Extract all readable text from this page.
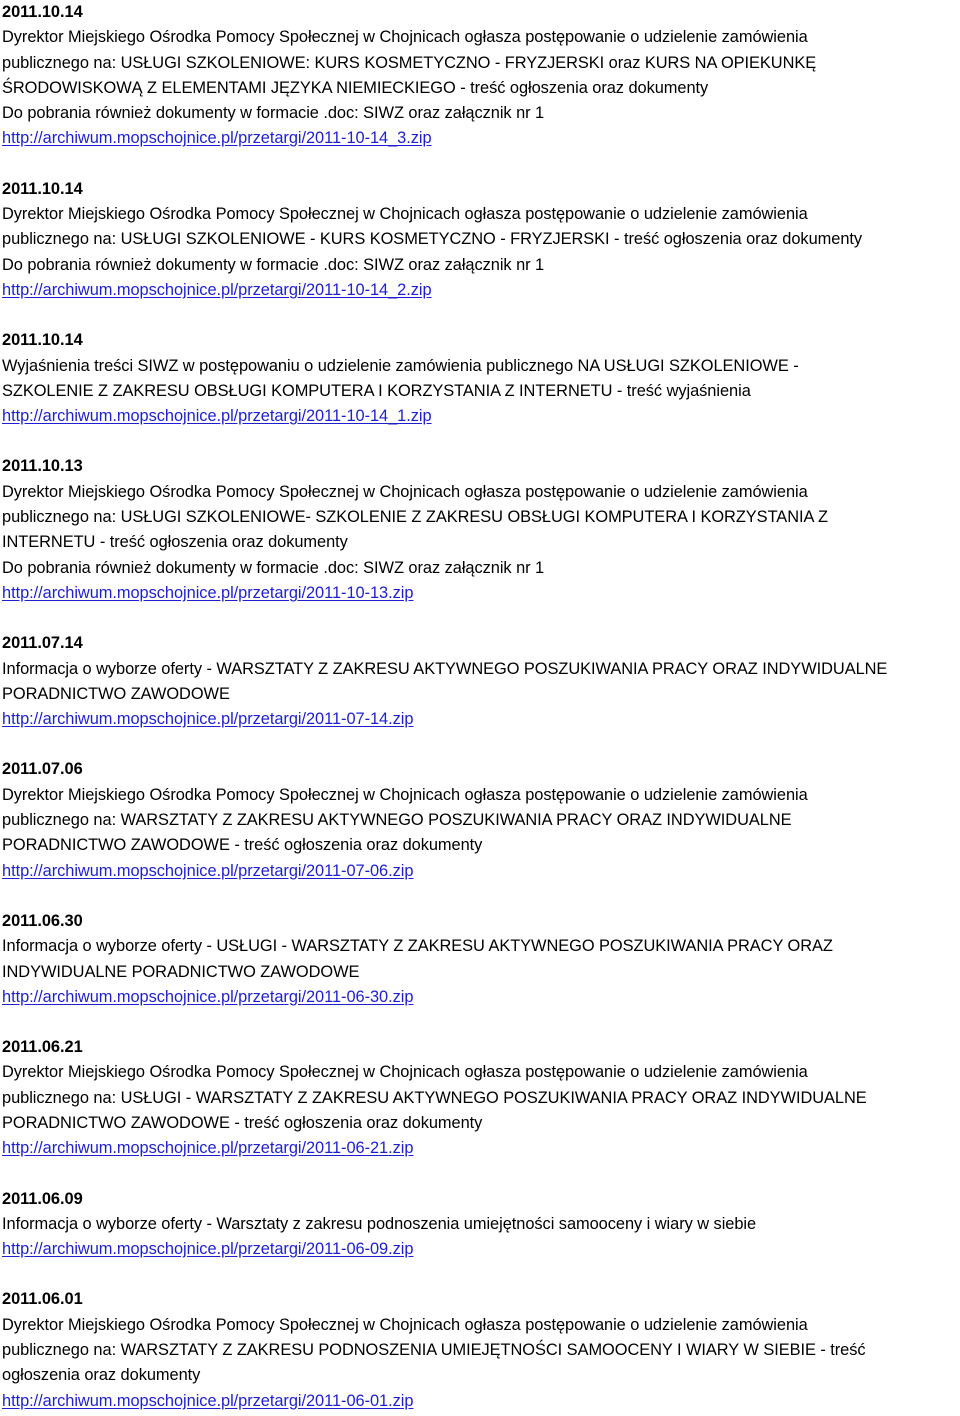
2011.10.14
Dyrektor Miejskiego Ośrodka Pomocy Społecznej w Chojnicach ogłasza postępowanie o udzielenie zamówienia
publicznego na: USŁUGI SZKOLENIOWE: KURS KOSMETYCZNO - FRYZJERSKI oraz KURS NA OPIEKUNKĘ
ŚRODOWISKOWĄ Z ELEMENTAMI JĘZYKA NIEMIECKIEGO - treść ogłoszenia oraz dokumenty
Do pobrania również dokumenty w formacie .doc: SIWZ oraz załącznik nr 1
http://archiwum.mopschojnice.pl/przetargi/2011-10-14_3.zip
2011.10.14
Dyrektor Miejskiego Ośrodka Pomocy Społecznej w Chojnicach ogłasza postępowanie o udzielenie zamówienia
publicznego na: USŁUGI SZKOLENIOWE - KURS KOSMETYCZNO - FRYZJERSKI - treść ogłoszenia oraz dokumenty
Do pobrania również dokumenty w formacie .doc: SIWZ oraz załącznik nr 1
http://archiwum.mopschojnice.pl/przetargi/2011-10-14_2.zip
2011.10.14
Wyjaśnienia treści SIWZ w postępowaniu o udzielenie zamówienia publicznego NA USŁUGI SZKOLENIOWE -
SZKOLENIE Z ZAKRESU OBSŁUGI KOMPUTERA I KORZYSTANIA Z INTERNETU - treść wyjaśnienia
http://archiwum.mopschojnice.pl/przetargi/2011-10-14_1.zip
2011.10.13
Dyrektor Miejskiego Ośrodka Pomocy Społecznej w Chojnicach ogłasza postępowanie o udzielenie zamówienia
publicznego na: USŁUGI SZKOLENIOWE- SZKOLENIE Z ZAKRESU OBSŁUGI KOMPUTERA I KORZYSTANIA Z
INTERNETU - treść ogłoszenia oraz dokumenty
Do pobrania również dokumenty w formacie .doc: SIWZ oraz załącznik nr 1
http://archiwum.mopschojnice.pl/przetargi/2011-10-13.zip
2011.07.14
Informacja o wyborze oferty - WARSZTATY Z ZAKRESU AKTYWNEGO POSZUKIWANIA PRACY ORAZ INDYWIDUALNE
PORADNICTWO ZAWODOWE
http://archiwum.mopschojnice.pl/przetargi/2011-07-14.zip
2011.07.06
Dyrektor Miejskiego Ośrodka Pomocy Społecznej w Chojnicach ogłasza postępowanie o udzielenie zamówienia
publicznego na: WARSZTATY Z ZAKRESU AKTYWNEGO POSZUKIWANIA PRACY ORAZ INDYWIDUALNE
PORADNICTWO ZAWODOWE - treść ogłoszenia oraz dokumenty
http://archiwum.mopschojnice.pl/przetargi/2011-07-06.zip
2011.06.30
Informacja o wyborze oferty - USŁUGI - WARSZTATY Z ZAKRESU AKTYWNEGO POSZUKIWANIA PRACY ORAZ
INDYWIDUALNE PORADNICTWO ZAWODOWE
http://archiwum.mopschojnice.pl/przetargi/2011-06-30.zip
2011.06.21
Dyrektor Miejskiego Ośrodka Pomocy Społecznej w Chojnicach ogłasza postępowanie o udzielenie zamówienia
publicznego na: USŁUGI - WARSZTATY Z ZAKRESU AKTYWNEGO POSZUKIWANIA PRACY ORAZ INDYWIDUALNE
PORADNICTWO ZAWODOWE - treść ogłoszenia oraz dokumenty
http://archiwum.mopschojnice.pl/przetargi/2011-06-21.zip
2011.06.09
Informacja o wyborze oferty - Warsztaty z zakresu podnoszenia umiejętności samooceny i wiary w siebie
http://archiwum.mopschojnice.pl/przetargi/2011-06-09.zip
2011.06.01
Dyrektor Miejskiego Ośrodka Pomocy Społecznej w Chojnicach ogłasza postępowanie o udzielenie zamówienia
publicznego na: WARSZTATY Z ZAKRESU PODNOSZENIA UMIEJĘTNOŚCI SAMOOCENY I WIARY W SIEBIE - treść
ogłoszenia oraz dokumenty
http://archiwum.mopschojnice.pl/przetargi/2011-06-01.zip
